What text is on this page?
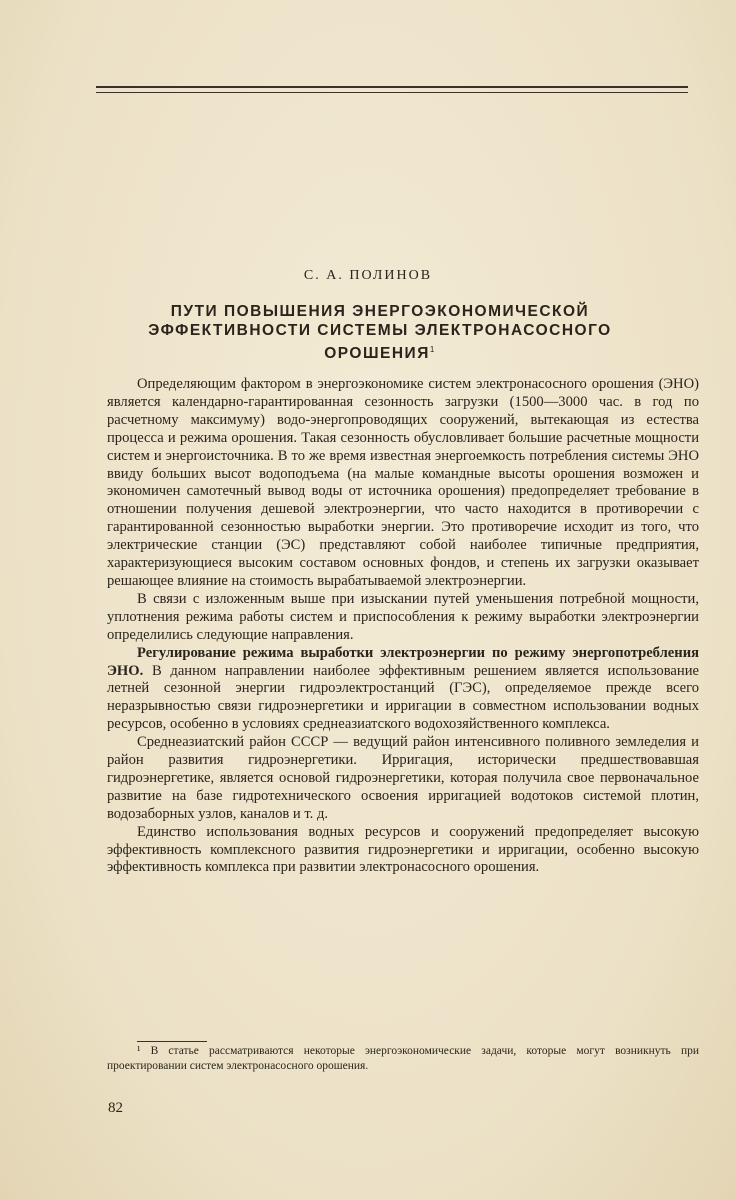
С. А. ПОЛИНОВ
ПУТИ ПОВЫШЕНИЯ ЭНЕРГОЭКОНОМИЧЕСКОЙ ЭФФЕКТИВНОСТИ СИСТЕМЫ ЭЛЕКТРОНАСОСНОГО ОРОШЕНИЯ$^1$

Определяющим фактором в энергоэкономике систем электронасосного орошения (ЭНО) является календарно-гарантированная сезонность загрузки (1500—3000 час. в год по расчетному максимуму) водо-энергопроводящих сооружений, вытекающая из естества процесса и режима орошения. Такая сезонность обусловливает большие расчетные мощности систем и энергоисточника. В то же время известная энергоемкость потребления системы ЭНО ввиду больших высот водоподъема (на малые командные высоты орошения возможен и экономичен самотечный вывод воды от источника орошения) предопределяет требование в отношении получения дешевой электроэнергии, что часто находится в противоречии с гарантированной сезонностью выработки энергии. Это противоречие исходит из того, что электрические станции (ЭС) представляют собой наиболее типичные предприятия, характеризующиеся высоким составом основных фондов, и степень их загрузки оказывает решающее влияние на стоимость вырабатываемой электроэнергии.

В связи с изложенным выше при изыскании путей уменьшения потребной мощности, уплотнения режима работы систем и приспособления к режиму выработки электроэнергии определились следующие направления.

Регулирование режима выработки электроэнергии по режиму энергопотребления ЭНО. В данном направлении наиболее эффективным решением является использование летней сезонной энергии гидроэлектростанций (ГЭС), определяемое прежде всего неразрывностью связи гидроэнергетики и ирригации в совместном использовании водных ресурсов, особенно в условиях среднеазиатского водохозяйственного комплекса.

Среднеазиатский район СССР — ведущий район интенсивного поливного земледелия и район развития гидроэнергетики. Ирригация, исторически предшествовавшая гидроэнергетике, является основой гидроэнергетики, которая получила свое первоначальное развитие на базе гидротехнического освоения ирригацией водотоков системой плотин, водозаборных узлов, каналов и т. д.

Единство использования водных ресурсов и сооружений предопределяет высокую эффективность комплексного развития гидроэнергетики и ирригации, особенно высокую эффективность комплекса при развитии электронасосного орошения.

¹ В статье рассматриваются некоторые энергоэкономические задачи, которые могут возникнуть при проектировании систем электронасосного орошения.

82
